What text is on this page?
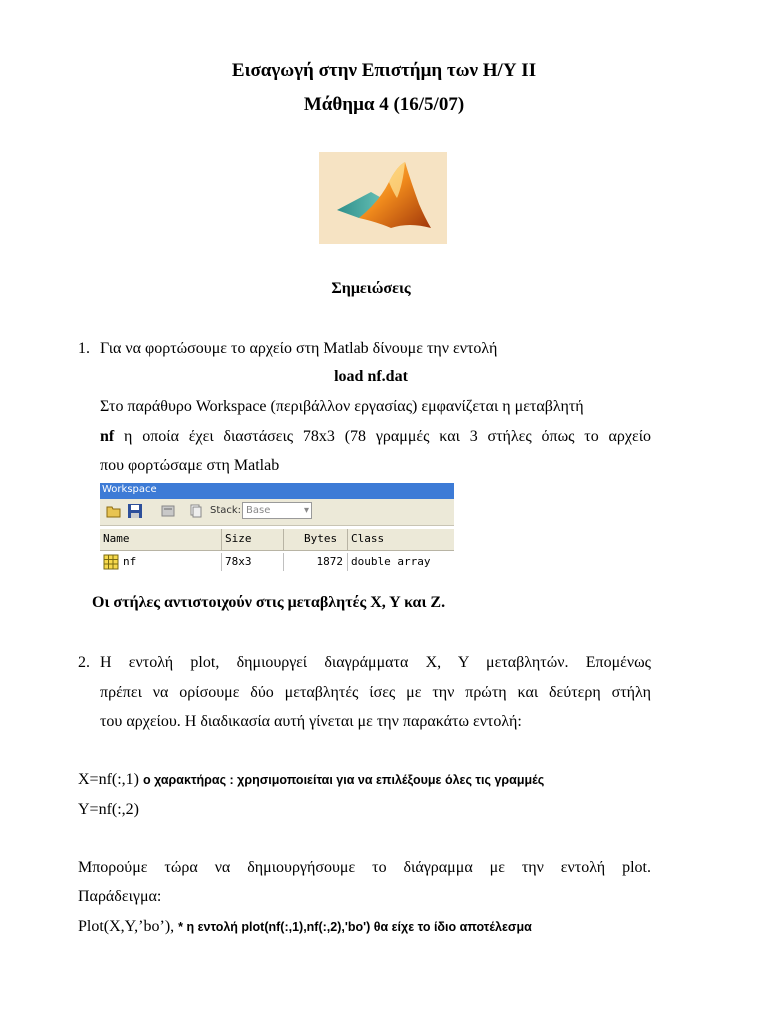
Εισαγωγή στην Επιστήμη των Η/Υ ΙΙ
Μάθημα 4 (16/5/07)
Σημειώσεις
1. Για να φορτώσουμε το αρχείο στη Matlab δίνουμε την εντολή
load nf.dat
Στο παράθυρο Workspace (περιβάλλον εργασίας) εμφανίζεται η μεταβλητή
nf η οποία έχει διαστάσεις 78x3 (78 γραμμές και 3 στήλες όπως το αρχείο
που φορτώσαμε στη Matlab
Workspace
Stack: Base	▾
Name	Size	Bytes	Class
nf	78x3	1872 double array
Οι στήλες αντιστοιχούν στις μεταβλητές X, Y και Z.
2. Η εντολή plot, δημιουργεί διαγράμματα X, Y μεταβλητών. Επομένως
πρέπει να ορίσουμε δύο μεταβλητές ίσες με την πρώτη και δεύτερη στήλη
του αρχείου. Η διαδικασία αυτή γίνεται με την παρακάτω εντολή:
X=nf(:,1) ο χαρακτήρας : χρησιμοποιείται για να επιλέξουμε όλες τις γραμμές
Y=nf(:,2)
Μπορούμε τώρα να δημιουργήσουμε το διάγραμμα με την εντολή plot.
Παράδειγμα:
Plot(X,Y,’bo’), * η εντολή plot(nf(:,1),nf(:,2),'bo') θα είχε το ίδιο αποτέλεσμα
